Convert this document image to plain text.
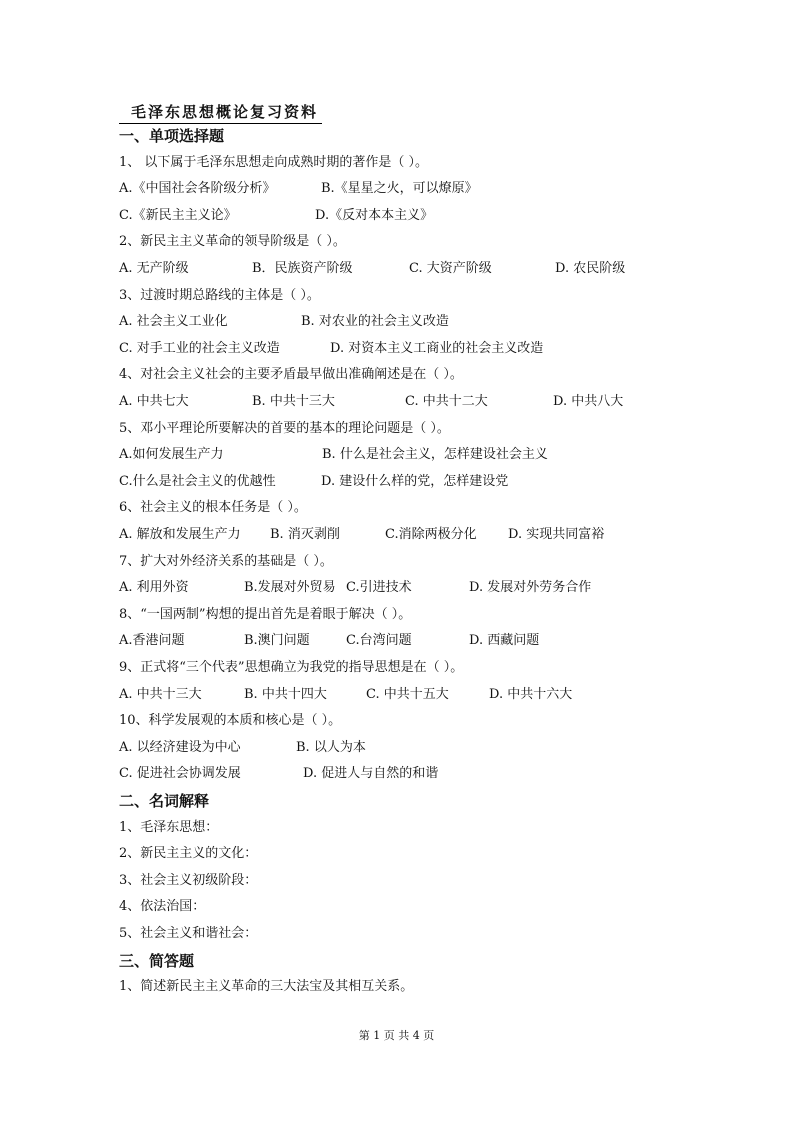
毛泽东思想概论复习资料
一、单项选择题
1、 以下属于毛泽东思想走向成熟时期的著作是（ ）。
A.《中国社会各阶级分析》	B.《星星之火，可以燎原》
C.《新民主主义论》	D.《反对本本主义》
2、新民主主义革命的领导阶级是（ ）。
A. 无产阶级	B．民族资产阶级	C. 大资产阶级	D. 农民阶级
3、过渡时期总路线的主体是（ ）。
A. 社会主义工业化	B. 对农业的社会主义改造
C. 对手工业的社会主义改造	D. 对资本主义工商业的社会主义改造
4、对社会主义社会的主要矛盾最早做出准确阐述是在（ ）。
A. 中共七大	B. 中共十三大	C. 中共十二大	D. 中共八大
5、邓小平理论所要解决的首要的基本的理论问题是（ ）。
A.如何发展生产力	B. 什么是社会主义，怎样建设社会主义
C.什么是社会主义的优越性	D. 建设什么样的党，怎样建设党
6、社会主义的根本任务是（ ）。
A. 解放和发展生产力 B. 消灭剥削	C.消除两极分化 D. 实现共同富裕
7、扩大对外经济关系的基础是（ ）。
A. 利用外资	B.发展对外贸易 C.引进技术	D. 发展对外劳务合作
8、“一国两制”构想的提出首先是着眼于解决（ ）。
A.香港问题	B.澳门问题	C.台湾问题	D. 西藏问题
9、正式将“三个代表”思想确立为我党的指导思想是在（ ）。
A. 中共十三大	B. 中共十四大	C. 中共十五大	D. 中共十六大
10、科学发展观的本质和核心是（ ）。
A. 以经济建设为中心	B. 以人为本
C. 促进社会协调发展	D. 促进人与自然的和谐
二、名词解释
1、毛泽东思想：
2、新民主主义的文化：
3、社会主义初级阶段：
4、依法治国：
5、社会主义和谐社会：
三、简答题
1、简述新民主主义革命的三大法宝及其相互关系。
第 1 页 共 4 页
